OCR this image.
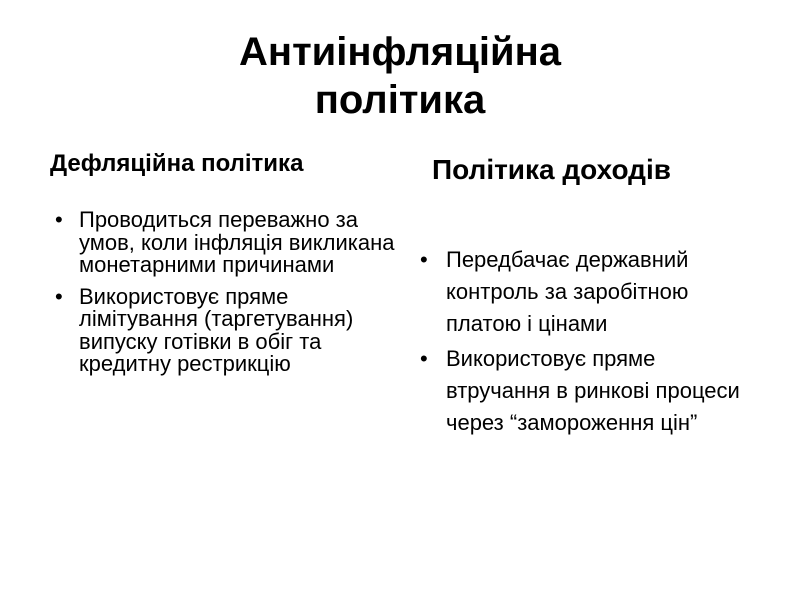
Антиінфляційна
політика
Дефляційна політика
• Проводиться переважно за умов, коли інфляція викликана монетарними причинами
• Використовує пряме лімітування (таргетування) випуску готівки в обіг та кредитну рестрикцію
Політика доходів
• Передбачає державний контроль за заробітною платою і цінами
• Використовує пряме втручання в ринкові процеси через “замороження цін”
